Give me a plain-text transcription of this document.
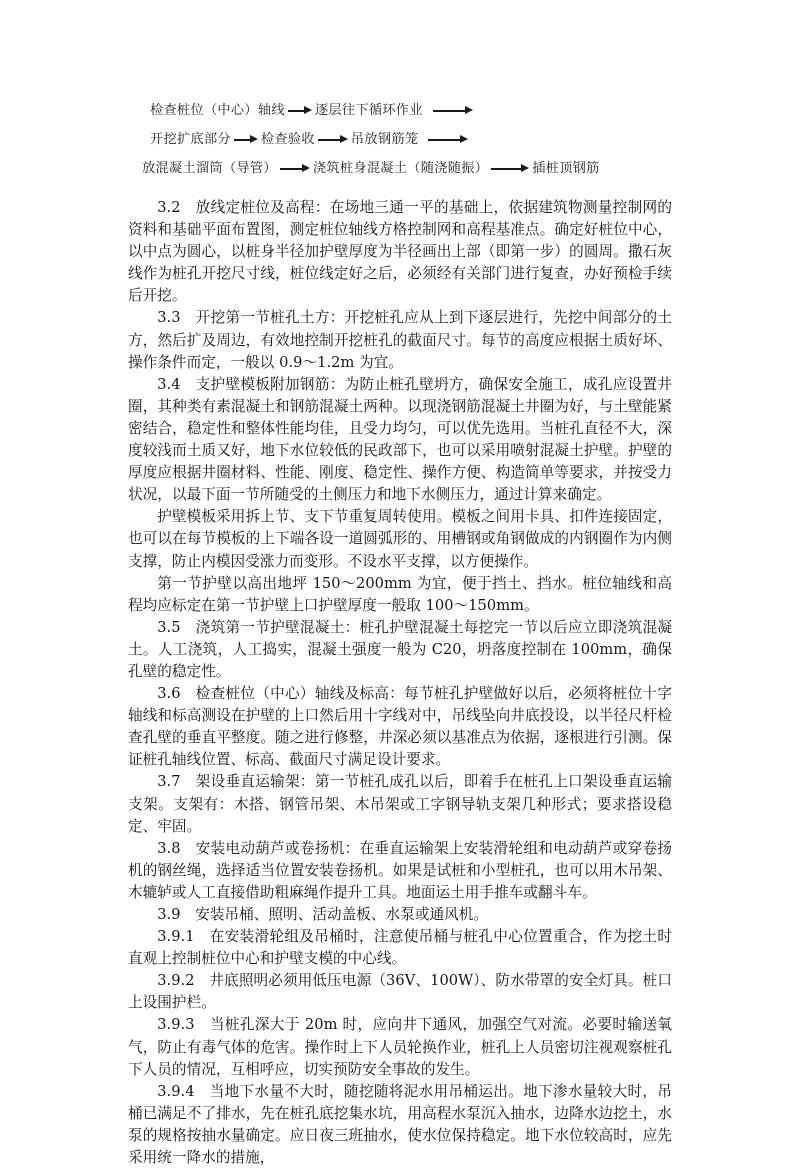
检查桩位（中心）轴线 逐层往下循环作业
开挖扩底部分 检查验收	吊放钢筋笼
放混凝土溜筒（导管）	浇筑桩身混凝土（随浇随振）	插桩顶钢筋

3.2　放线定桩位及高程：在场地三通一平的基础上，依据建筑物测量控制网的资料和基础平面布置图，测定桩位轴线方格控制网和高程基准点。确定好桩位中心，以中点为圆心，以桩身半径加护壁厚度为半径画出上部（即第一步）的圆周。撒石灰线作为桩孔开挖尺寸线，桩位线定好之后，必须经有关部门进行复查，办好预检手续后开挖。

3.3　开挖第一节桩孔土方：开挖桩孔应从上到下逐层进行，先挖中间部分的土方，然后扩及周边，有效地控制开挖桩孔的截面尺寸。每节的高度应根据土质好坏、操作条件而定，一般以 0.9～1.2m 为宜。

3.4　支护壁模板附加钢筋：为防止桩孔壁坍方，确保安全施工，成孔应设置井圈，其种类有素混凝土和钢筋混凝土两种。以现浇钢筋混凝土井圈为好，与土壁能紧密结合，稳定性和整体性能均佳，且受力均匀，可以优先选用。当桩孔直径不大，深度较浅而土质又好，地下水位较低的民政部下，也可以采用喷射混凝土护壁。护壁的厚度应根据井圈材料、性能、刚度、稳定性、操作方便、构造简单等要求，并按受力状况，以最下面一节所随受的土侧压力和地下水侧压力，通过计算来确定。

护壁模板采用拆上节、支下节重复周转使用。模板之间用卡具、扣件连接固定，也可以在每节模板的上下端各设一道圆弧形的、用槽钢或角钢做成的内钢圈作为内侧支撑，防止内模因受涨力而变形。不设水平支撑，以方便操作。

第一节护壁以高出地坪 150～200mm 为宜，便于挡土、挡水。桩位轴线和高程均应标定在第一节护壁上口护壁厚度一般取 100～150mm。

3.5　浇筑第一节护壁混凝土：桩孔护壁混凝土每挖完一节以后应立即浇筑混凝土。人工浇筑，人工捣实，混凝土强度一般为 C20，坍落度控制在 100mm，确保孔壁的稳定性。

3.6　检查桩位（中心）轴线及标高：每节桩孔护壁做好以后，必须将桩位十字轴线和标高测设在护壁的上口然后用十字线对中，吊线坠向井底投设，以半径尺杆检查孔壁的垂直平整度。随之进行修整，井深必须以基准点为依据，逐根进行引测。保证桩孔轴线位置、标高、截面尺寸满足设计要求。

3.7　架设垂直运输架：第一节桩孔成孔以后，即着手在桩孔上口架设垂直运输支架。支架有：木搭、钢管吊架、木吊架或工字钢导轨支架几种形式；要求搭设稳定、牢固。

3.8　安装电动葫芦或卷扬机：在垂直运输架上安装滑轮组和电动葫芦或穿卷扬机的钢丝绳，选择适当位置安装卷扬机。如果是试桩和小型桩孔，也可以用木吊架、木辘轳或人工直接借助粗麻绳作提升工具。地面运土用手推车或翻斗车。

3.9　安装吊桶、照明、活动盖板、水泵或通风机。

3.9.1　在安装滑轮组及吊桶时，注意使吊桶与桩孔中心位置重合，作为挖土时直观上控制桩位中心和护壁支模的中心线。

3.9.2　井底照明必须用低压电源（36V、100W）、防水带罩的安全灯具。桩口上设围护栏。

3.9.3　当桩孔深大于 20m 时，应向井下通风，加强空气对流。必要时输送氧气，防止有毒气体的危害。操作时上下人员轮换作业，桩孔上人员密切注视观察桩孔下人员的情况，互相呼应，切实预防安全事故的发生。

3.9.4　当地下水量不大时，随挖随将泥水用吊桶运出。地下渗水量较大时，吊桶已满足不了排水，先在桩孔底挖集水坑，用高程水泵沉入抽水，边降水边挖土，水泵的规格按抽水量确定。应日夜三班抽水，使水位保持稳定。地下水位较高时，应先采用统一降水的措施，
